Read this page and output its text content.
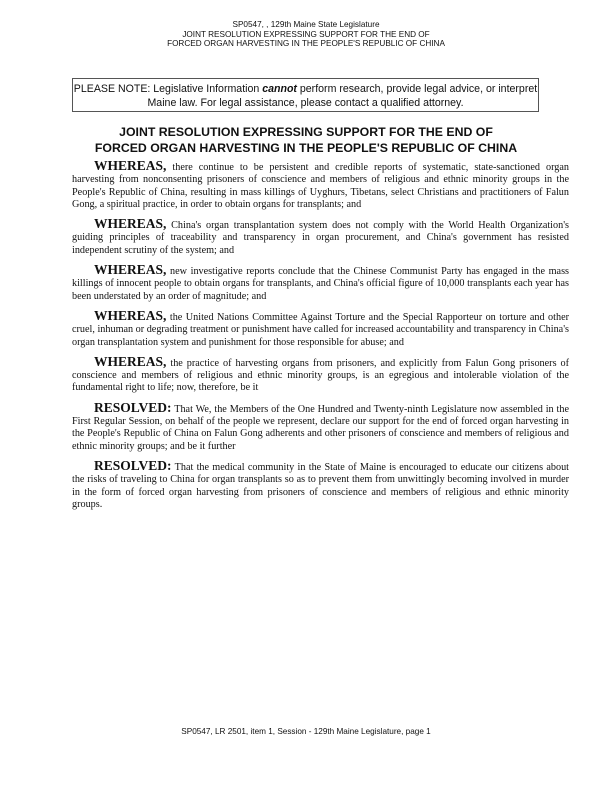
SP0547, , 129th Maine State Legislature
JOINT RESOLUTION EXPRESSING SUPPORT FOR THE END OF
FORCED ORGAN HARVESTING IN THE PEOPLE'S REPUBLIC OF CHINA
PLEASE NOTE: Legislative Information cannot perform research, provide legal advice, or interpret Maine law. For legal assistance, please contact a qualified attorney.
JOINT RESOLUTION EXPRESSING SUPPORT FOR THE END OF
FORCED ORGAN HARVESTING IN THE PEOPLE'S REPUBLIC OF CHINA

WHEREAS, there continue to be persistent and credible reports of systematic, state-sanctioned organ harvesting from nonconsenting prisoners of conscience and members of religious and ethnic minority groups in the People's Republic of China, resulting in mass killings of Uyghurs, Tibetans, select Christians and practitioners of Falun Gong, a spiritual practice, in order to obtain organs for transplants; and

WHEREAS, China's organ transplantation system does not comply with the World Health Organization's guiding principles of traceability and transparency in organ procurement, and China's government has resisted independent scrutiny of the system; and

WHEREAS, new investigative reports conclude that the Chinese Communist Party has engaged in the mass killings of innocent people to obtain organs for transplants, and China's official figure of 10,000 transplants each year has been understated by an order of magnitude; and

WHEREAS, the United Nations Committee Against Torture and the Special Rapporteur on torture and other cruel, inhuman or degrading treatment or punishment have called for increased accountability and transparency in China's organ transplantation system and punishment for those responsible for abuse; and

WHEREAS, the practice of harvesting organs from prisoners, and explicitly from Falun Gong prisoners of conscience and members of religious and ethnic minority groups, is an egregious and intolerable violation of the fundamental right to life; now, therefore, be it

RESOLVED: That We, the Members of the One Hundred and Twenty-ninth Legislature now assembled in the First Regular Session, on behalf of the people we represent, declare our support for the end of forced organ harvesting in the People's Republic of China on Falun Gong adherents and other prisoners of conscience and members of religious and ethnic minority groups; and be it further

RESOLVED: That the medical community in the State of Maine is encouraged to educate our citizens about the risks of traveling to China for organ transplants so as to prevent them from unwittingly becoming involved in murder in the form of forced organ harvesting from prisoners of conscience and members of religious and ethnic minority groups.

SP0547, LR 2501, item 1, Session - 129th Maine Legislature, page 1
